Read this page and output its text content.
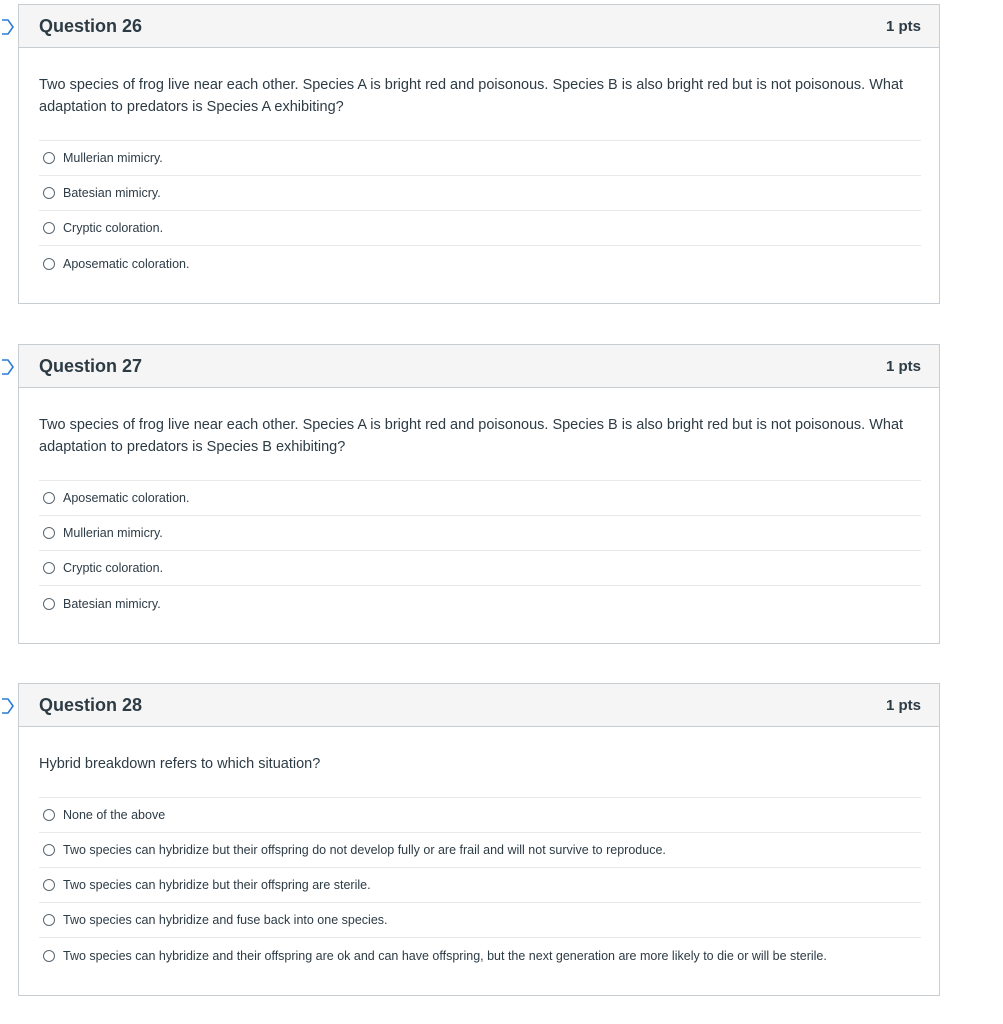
Question 26	1 pts

Two species of frog live near each other. Species A is bright red and poisonous. Species B is also bright red but is not poisonous. What adaptation to predators is Species A exhibiting?

Mullerian mimicry.
Batesian mimicry.
Cryptic coloration.
Aposematic coloration.
Question 27	1 pts

Two species of frog live near each other. Species A is bright red and poisonous. Species B is also bright red but is not poisonous. What adaptation to predators is Species B exhibiting?

Aposematic coloration.
Mullerian mimicry.
Cryptic coloration.
Batesian mimicry.
Question 28	1 pts

Hybrid breakdown refers to which situation?

None of the above
Two species can hybridize but their offspring do not develop fully or are frail and will not survive to reproduce.
Two species can hybridize but their offspring are sterile.
Two species can hybridize and fuse back into one species.
Two species can hybridize and their offspring are ok and can have offspring, but the next generation are more likely to die or will be sterile.
